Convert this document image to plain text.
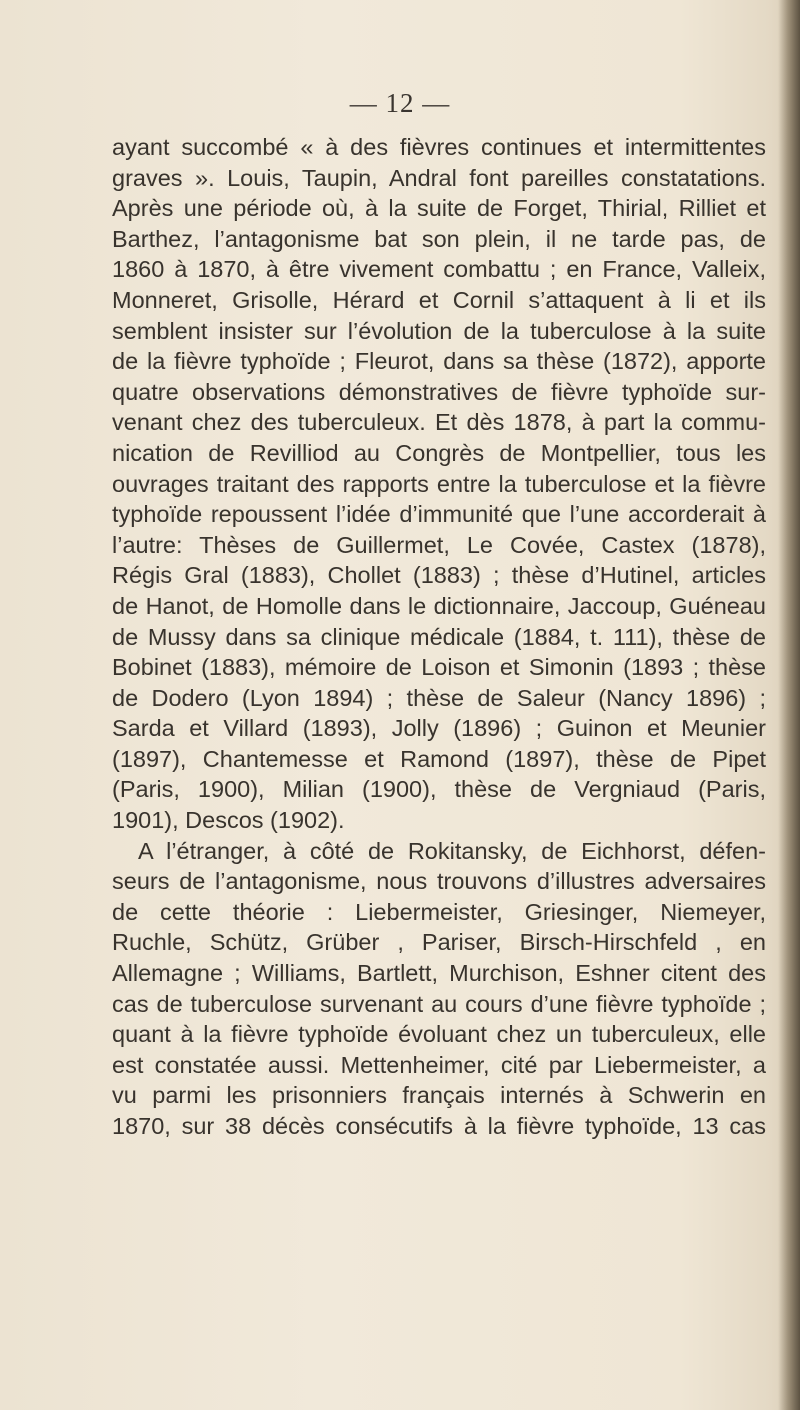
— 12 —
ayant succombé « à des fièvres continues et intermittentes
graves ». Louis, Taupin, Andral font pareilles constatations.
Après une période où, à la suite de Forget, Thirial, Rilliet et
Barthez, l’antagonisme bat son plein, il ne tarde pas, de
1860 à 1870, à être vivement combattu ; en France, Valleix,
Monneret, Grisolle, Hérard et Cornil s’attaquent à li et ils
semblent insister sur l’évolution de la tuberculose à la suite
de la fièvre typhoïde ; Fleurot, dans sa thèse (1872), apporte
quatre observations démonstratives de fièvre typhoïde sur-
venant chez des tuberculeux. Et dès 1878, à part la commu-
nication de Revilliod au Congrès de Montpellier, tous les
ouvrages traitant des rapports entre la tuberculose et la fièvre
typhoïde repoussent l’idée d’immunité que l’une accorderait à
l’autre: Thèses de Guillermet, Le Covée, Castex (1878),
Régis Gral (1883), Chollet (1883) ; thèse d’Hutinel, articles
de Hanot, de Homolle dans le dictionnaire, Jaccoup, Guéneau
de Mussy dans sa clinique médicale (1884, t. 111), thèse de
Bobinet (1883), mémoire de Loison et Simonin (1893 ; thèse
de Dodero (Lyon 1894) ; thèse de Saleur (Nancy 1896) ;
Sarda et Villard (1893), Jolly (1896) ; Guinon et Meunier
(1897), Chantemesse et Ramond (1897), thèse de Pipet
(Paris, 1900), Milian (1900), thèse de Vergniaud (Paris,
1901), Descos (1902).
A l’étranger, à côté de Rokitansky, de Eichhorst, défen-
seurs de l’antagonisme, nous trouvons d’illustres adversaires
de cette théorie : Liebermeister, Griesinger, Niemeyer,
Ruchle, Schütz, Grüber , Pariser, Birsch-Hirschfeld , en
Allemagne ; Williams, Bartlett, Murchison, Eshner citent des
cas de tuberculose survenant au cours d’une fièvre typhoïde ;
quant à la fièvre typhoïde évoluant chez un tuberculeux, elle
est constatée aussi. Mettenheimer, cité par Liebermeister, a
vu parmi les prisonniers français internés à Schwerin en
1870, sur 38 décès consécutifs à la fièvre typhoïde, 13 cas
